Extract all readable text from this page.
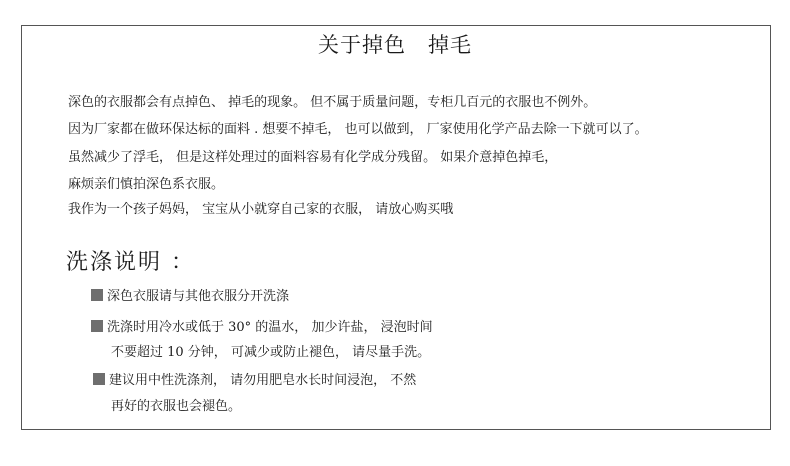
关于掉色　掉毛
深色的衣服都会有点掉色、 掉毛的现象。 但不属于质量问题，专柜几百元的衣服也不例外。
因为厂家都在做环保达标的面料 . 想要不掉毛， 也可以做到， 厂家使用化学产品去除一下就可以了。
虽然减少了浮毛， 但是这样处理过的面料容易有化学成分残留。 如果介意掉色掉毛，
麻烦亲们慎拍深色系衣服。
我作为一个孩子妈妈， 宝宝从小就穿自己家的衣服， 请放心购买哦
洗涤说明 ：
深色衣服请与其他衣服分开洗涤
洗涤时用冷水或低于 30° 的温水， 加少许盐， 浸泡时间
不要超过 10 分钟， 可减少或防止褪色， 请尽量手洗。
建议用中性洗涤剂， 请勿用肥皂水长时间浸泡， 不然
再好的衣服也会褪色。
